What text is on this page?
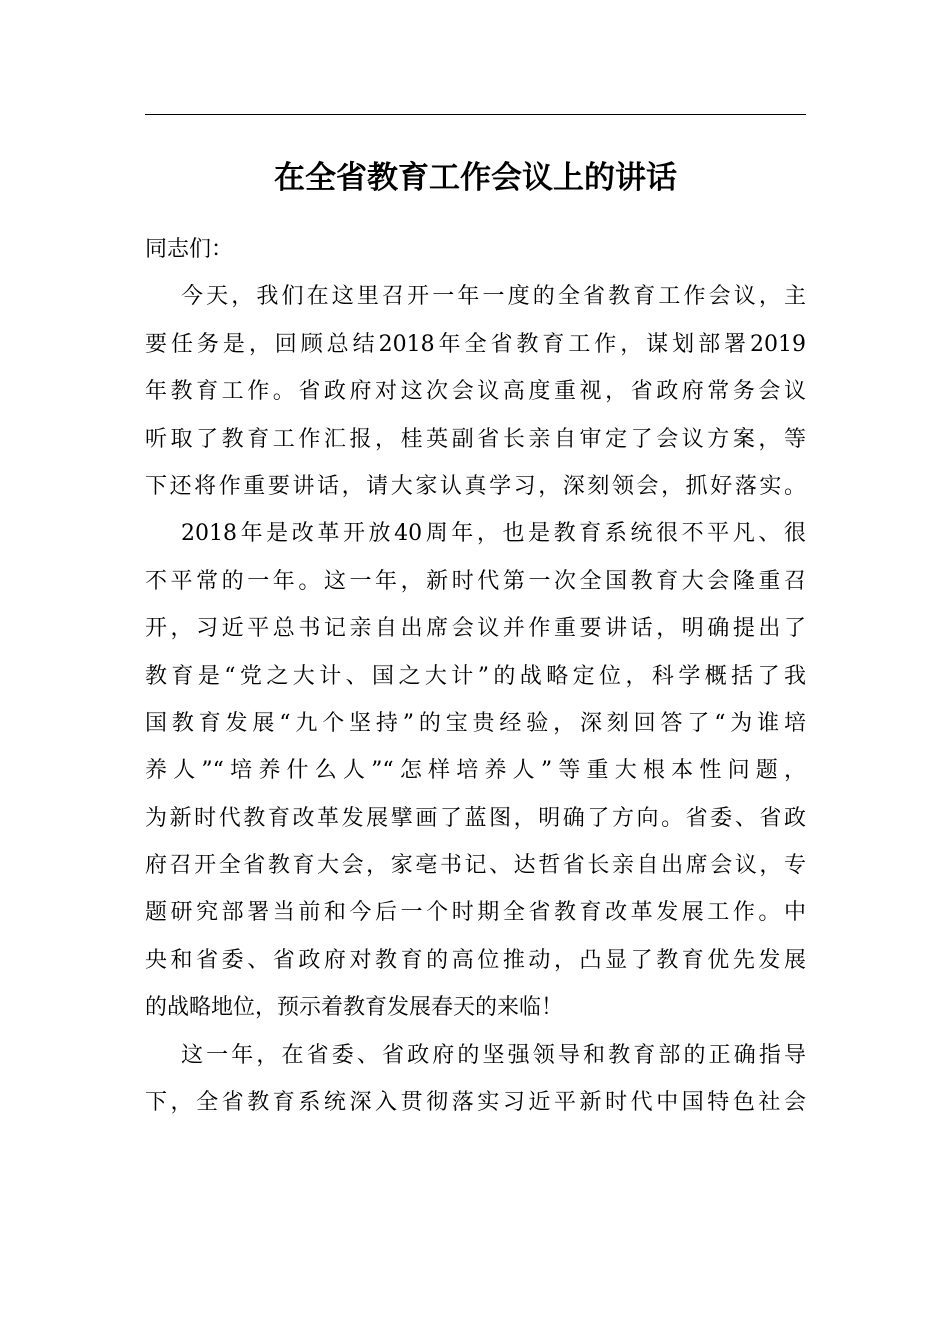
在全省教育工作会议上的讲话
同志们：
今天，我们在这里召开一年一度的全省教育工作会议，主
要任务是，回顾总结2018年全省教育工作，谋划部署2019
年教育工作。省政府对这次会议高度重视，省政府常务会议
听取了教育工作汇报，桂英副省长亲自审定了会议方案，等
下还将作重要讲话，请大家认真学习，深刻领会，抓好落实。
2018年是改革开放40周年，也是教育系统很不平凡、很
不平常的一年。这一年，新时代第一次全国教育大会隆重召
开，习近平总书记亲自出席会议并作重要讲话，明确提出了
教育是“党之大计、国之大计”的战略定位，科学概括了我
国教育发展“九个坚持”的宝贵经验，深刻回答了“为谁培
养人”“培养什么人”“怎样培养人”等重大根本性问题，
为新时代教育改革发展擘画了蓝图，明确了方向。省委、省政
府召开全省教育大会，家亳书记、达哲省长亲自出席会议，专
题研究部署当前和今后一个时期全省教育改革发展工作。中
央和省委、省政府对教育的高位推动，凸显了教育优先发展
的战略地位，预示着教育发展春天的来临！
这一年，在省委、省政府的坚强领导和教育部的正确指导
下，全省教育系统深入贯彻落实习近平新时代中国特色社会
